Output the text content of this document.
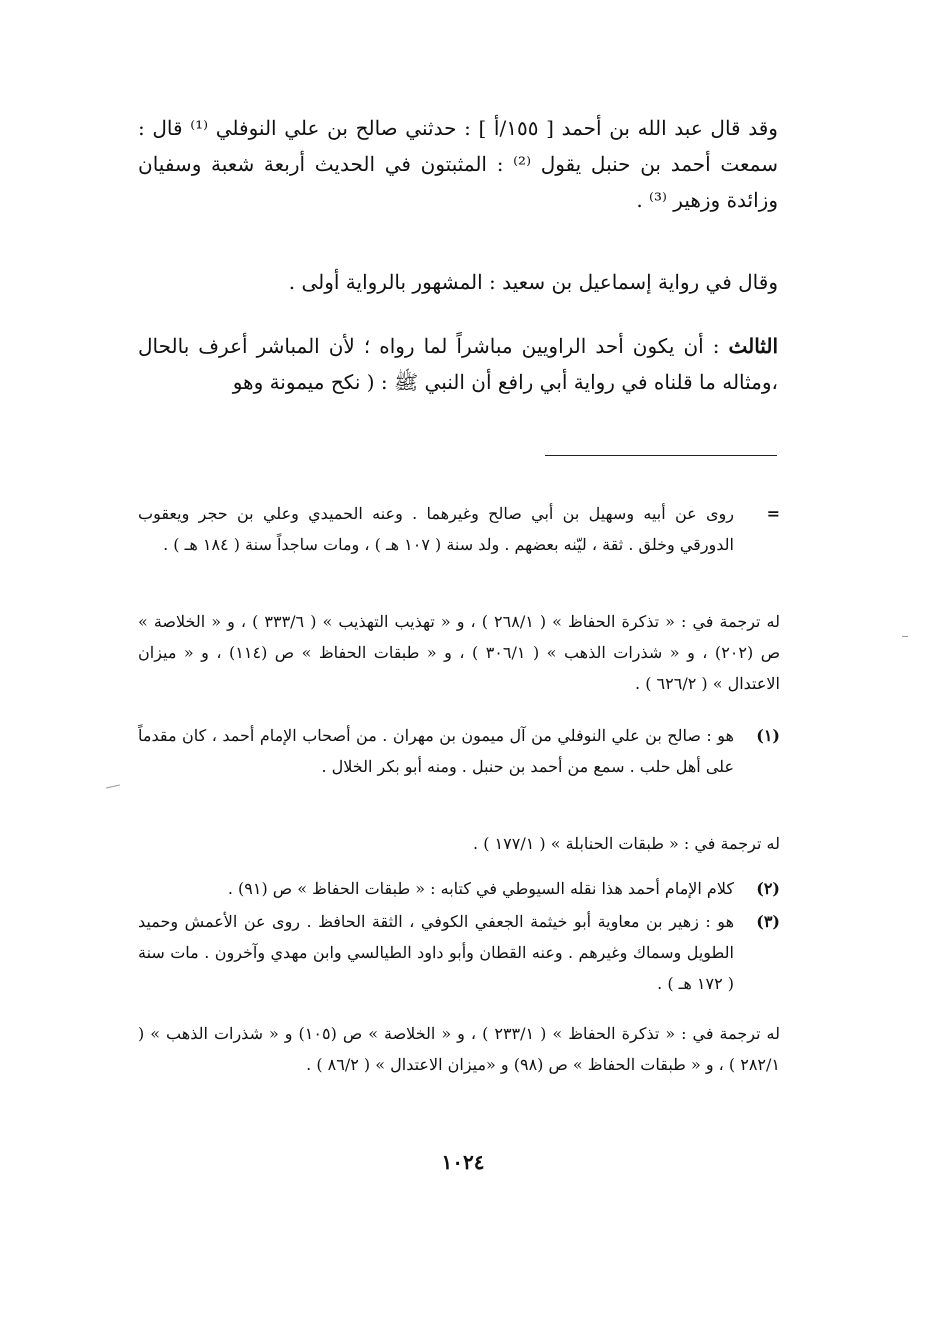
وقد قال عبد الله بن أحمد [ ١٥٥/أ ] : حدثني صالح بن علي النوفلي ⁽¹⁾ قال : سمعت أحمد بن حنبل يقول ⁽²⁾ : المثبتون في الحديث أربعة شعبة وسفيان وزائدة وزهير ⁽³⁾ .
وقال في رواية إسماعيل بن سعيد : المشهور بالرواية أولى .
الثالث : أن يكون أحد الراويين مباشراً لما رواه ؛ لأن المباشر أعرف بالحال ،ومثاله ما قلناه في رواية أبي رافع أن النبي ﷺ : ( نكح ميمونة وهو
=
روى عن أبيه وسهيل بن أبي صالح وغيرهما . وعنه الحميدي وعلي بن حجر ويعقوب الدورقي وخلق . ثقة ، ليّنه بعضهم . ولد سنة ( ١٠٧ هـ ) ، ومات ساجداً سنة ( ١٨٤ هـ ) .
له ترجمة في : « تذكرة الحفاظ » ( ٢٦٨/١ ) ، و « تهذيب التهذيب » ( ٣٣٣/٦ ) ، و « الخلاصة » ص (٢٠٢) ، و « شذرات الذهب » ( ٣٠٦/١ ) ، و « طبقات الحفاظ » ص (١١٤) ، و « ميزان الاعتدال » ( ٦٢٦/٢ ) .
(١)
هو : صالح بن علي النوفلي من آل ميمون بن مهران . من أصحاب الإمام أحمد ، كان مقدماً على أهل حلب . سمع من أحمد بن حنبل . ومنه أبو بكر الخلال .
له ترجمة في : « طبقات الحنابلة » ( ١٧٧/١ ) .
(٢)
كلام الإمام أحمد هذا نقله السيوطي في كتابه : « طبقات الحفاظ » ص (٩١) .
(٣)
هو : زهير بن معاوية أبو خيثمة الجعفي الكوفي ، الثقة الحافظ . روى عن الأعمش وحميد الطويل وسماك وغيرهم . وعنه القطان وأبو داود الطيالسي وابن مهدي وآخرون . مات سنة ( ١٧٢ هـ ) .
له ترجمة في : « تذكرة الحفاظ » ( ٢٣٣/١ ) ، و « الخلاصة » ص (١٠٥) و « شذرات الذهب » ( ٢٨٢/١ ) ، و « طبقات الحفاظ » ص (٩٨) و «ميزان الاعتدال » ( ٨٦/٢ ) .
١٠٢٤
